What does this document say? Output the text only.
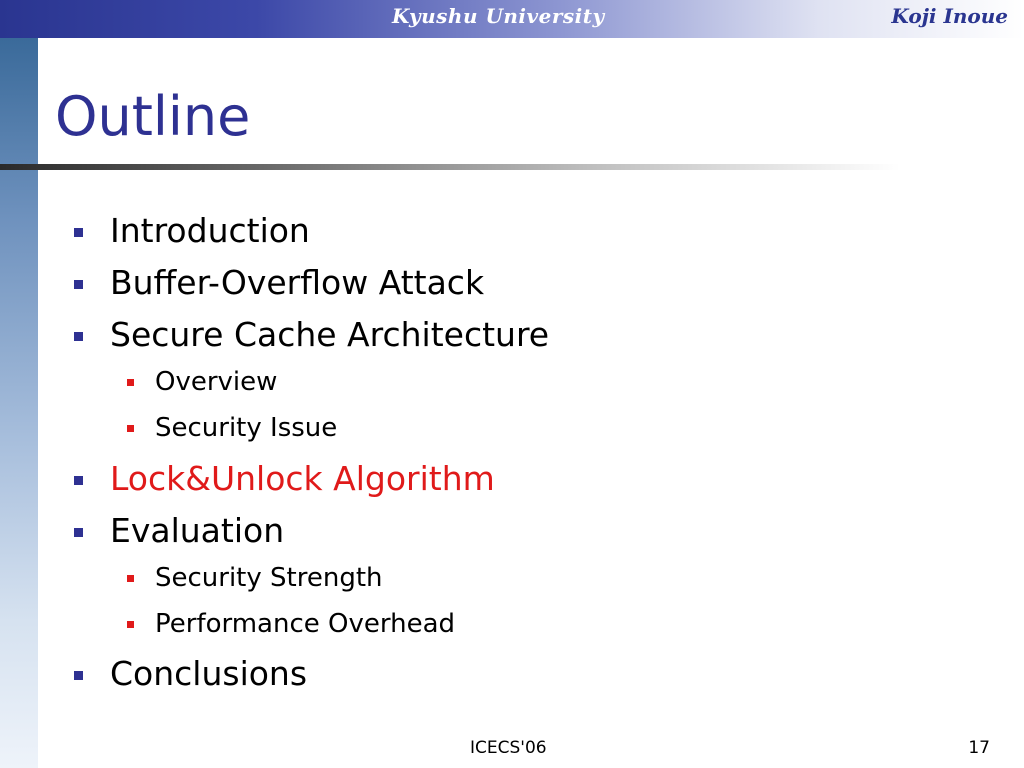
Kyushu University	Koji Inoue
Outline
Introduction
Buffer-Overflow Attack
Secure Cache Architecture
Overview
Security Issue
Lock&Unlock Algorithm
Evaluation
Security Strength
Performance Overhead
Conclusions
ICECS'06	17
